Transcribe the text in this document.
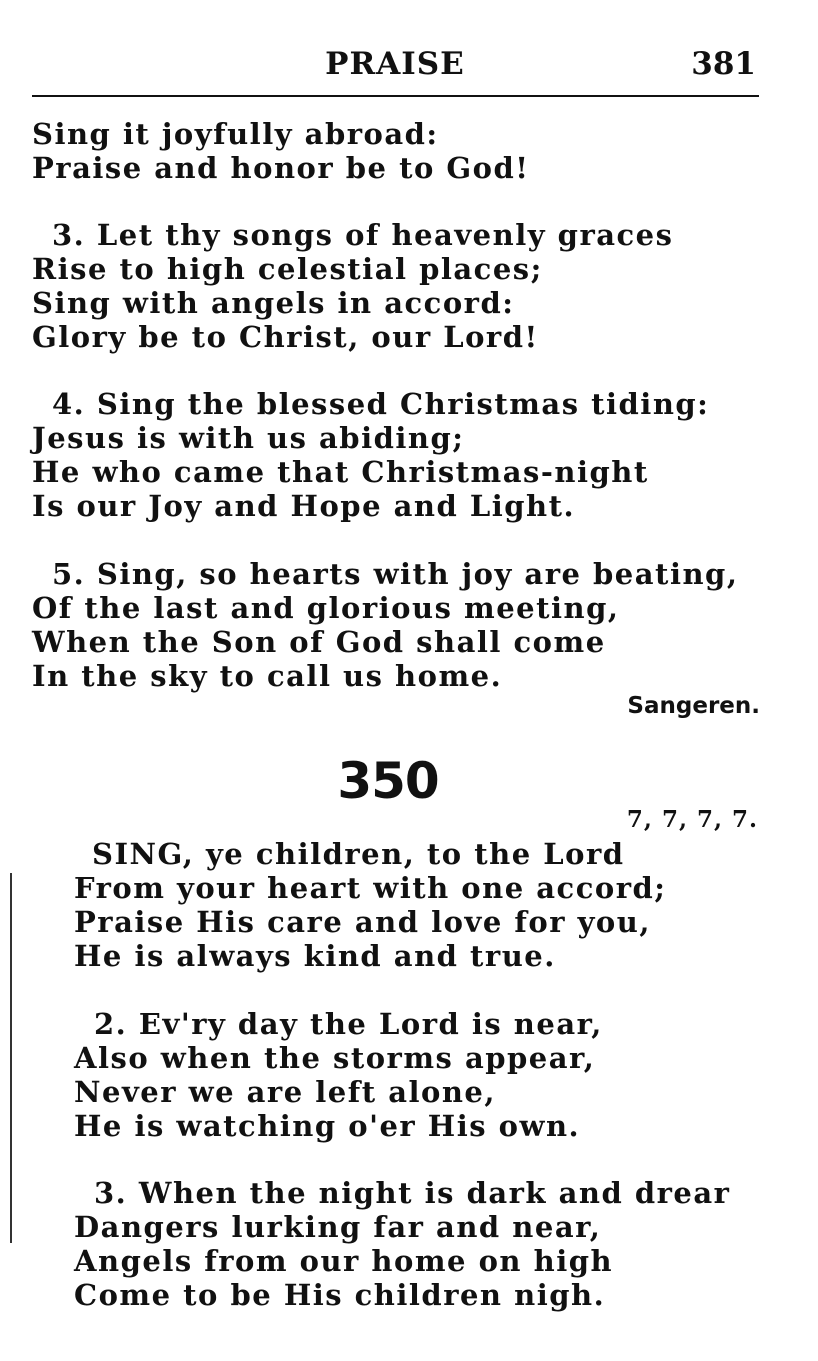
PRAISE	381
Sing it joyfully abroad:
Praise and honor be to God!
3. Let thy songs of heavenly graces
Rise to high celestial places;
Sing with angels in accord:
Glory be to Christ, our Lord!
4. Sing the blessed Christmas tiding:
Jesus is with us abiding;
He who came that Christmas-night
Is our Joy and Hope and Light.
5. Sing, so hearts with joy are beating,
Of the last and glorious meeting,
When the Son of God shall come
In the sky to call us home.
Sangeren.
350
7, 7, 7, 7.
SING, ye children, to the Lord
From your heart with one accord;
Praise His care and love for you,
He is always kind and true.
2. Ev'ry day the Lord is near,
Also when the storms appear,
Never we are left alone,
He is watching o'er His own.
3. When the night is dark and drear
Dangers lurking far and near,
Angels from our home on high
Come to be His children nigh.
